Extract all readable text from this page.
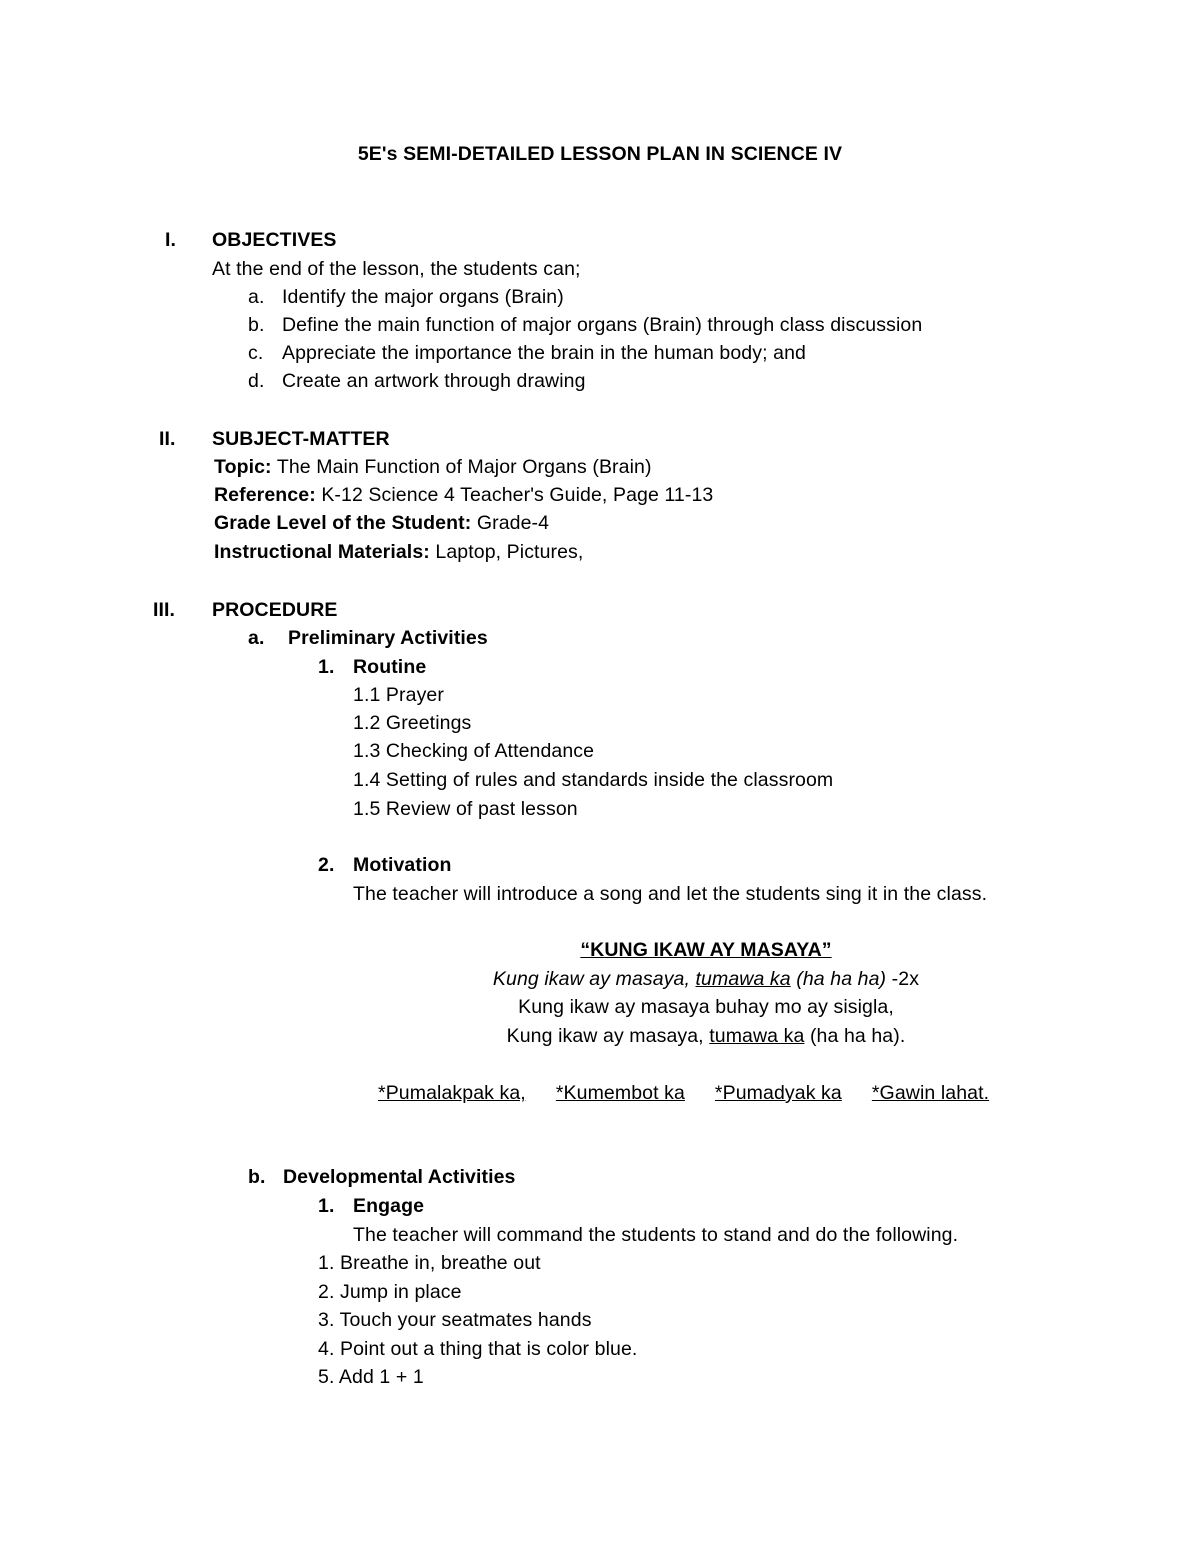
5E's SEMI-DETAILED LESSON PLAN IN SCIENCE IV
I. OBJECTIVES
At the end of the lesson, the students can;
a. Identify the major organs (Brain)
b. Define the main function of major organs (Brain) through class discussion
c. Appreciate the importance the brain in the human body; and
d. Create an artwork through drawing
II. SUBJECT-MATTER
Topic: The Main Function of Major Organs (Brain)
Reference: K-12 Science 4 Teacher's Guide, Page 11-13
Grade Level of the Student: Grade-4
Instructional Materials: Laptop, Pictures,
III. PROCEDURE
a. Preliminary Activities
1. Routine
1.1 Prayer
1.2 Greetings
1.3 Checking of Attendance
1.4 Setting of rules and standards inside the classroom
1.5 Review of past lesson
2. Motivation
The teacher will introduce a song and let the students sing it in the class.
“KUNG IKAW AY MASAYA”
Kung ikaw ay masaya, tumawa ka (ha ha ha) -2x
Kung ikaw ay masaya buhay mo ay sisigla,
Kung ikaw ay masaya, tumawa ka (ha ha ha).
*Pumalakpak ka, *Kumembot ka *Pumadyak ka *Gawin lahat.
b. Developmental Activities
1. Engage
The teacher will command the students to stand and do the following.
1. Breathe in, breathe out
2. Jump in place
3. Touch your seatmates hands
4. Point out a thing that is color blue.
5. Add 1 + 1
